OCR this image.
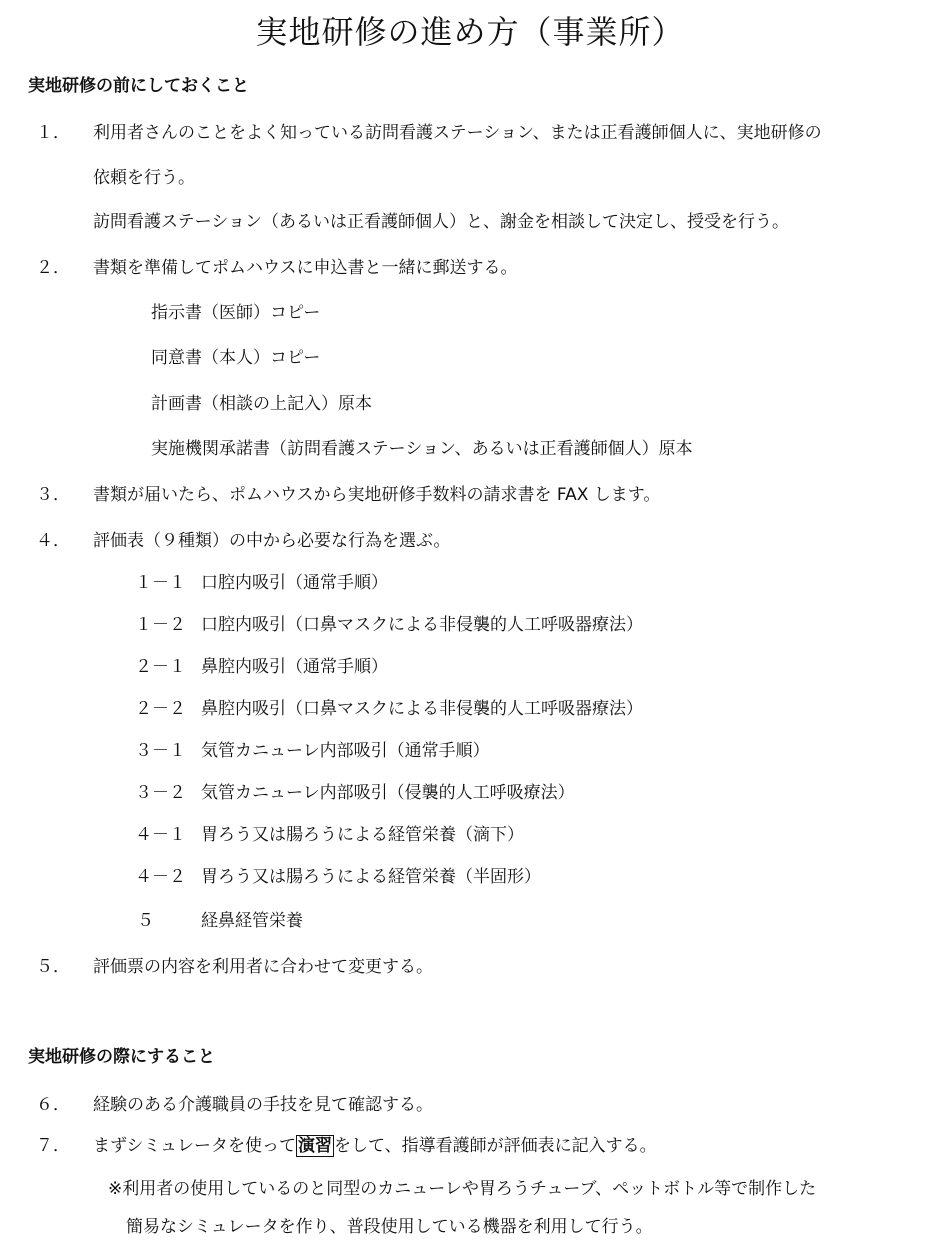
実地研修の進め方（事業所）
実地研修の前にしておくこと
１． 利用者さんのことをよく知っている訪問看護ステーション、または正看護師個人に、実地研修の
依頼を行う。
訪問看護ステーション（あるいは正看護師個人）と、謝金を相談して決定し、授受を行う。
２． 書類を準備してポムハウスに申込書と一緒に郵送する。
指示書（医師）コピー
同意書（本人）コピー
計画書（相談の上記入）原本
実施機関承諾書（訪問看護ステーション、あるいは正看護師個人）原本
３． 書類が届いたら、ポムハウスから実地研修手数料の請求書を FAX します。
４． 評価表（９種類）の中から必要な行為を選ぶ。
１－１ 口腔内吸引（通常手順）
１－２ 口腔内吸引（口鼻マスクによる非侵襲的人工呼吸器療法）
２－１ 鼻腔内吸引（通常手順）
２－２ 鼻腔内吸引（口鼻マスクによる非侵襲的人工呼吸器療法）
３－１ 気管カニューレ内部吸引（通常手順）
３－２ 気管カニューレ内部吸引（侵襲的人工呼吸療法）
４－１ 胃ろう又は腸ろうによる経管栄養（滴下）
４－２ 胃ろう又は腸ろうによる経管栄養（半固形）
５	経鼻経管栄養
５． 評価票の内容を利用者に合わせて変更する。
実地研修の際にすること
６． 経験のある介護職員の手技を見て確認する。
７． まずシミュレータを使って 演習 をして、指導看護師が評価表に記入する。
※利用者の使用しているのと同型のカニューレや胃ろうチューブ、ペットボトル等で制作した
簡易なシミュレータを作り、普段使用している機器を利用して行う。
